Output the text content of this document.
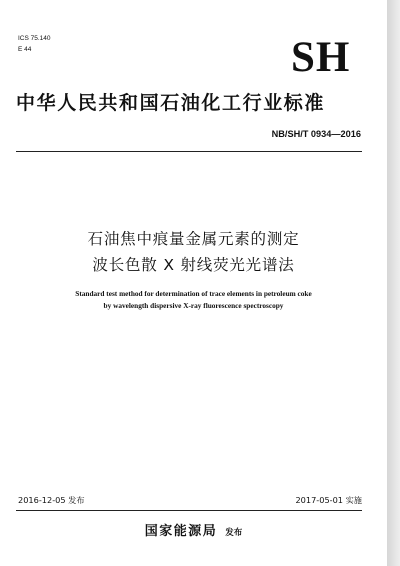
ICS 75.140
E 44	SH
中华人民共和国石油化工行业标准
NB/SH/T 0934—2016
石油焦中痕量金属元素的测定
波长色散 X 射线荧光光谱法
Standard test method for determination of trace elements in petroleum coke
by wavelength dispersive X-ray fluorescence spectroscopy
2016-12-05 发布	2017-05-01 实施
国家能源局 发布
